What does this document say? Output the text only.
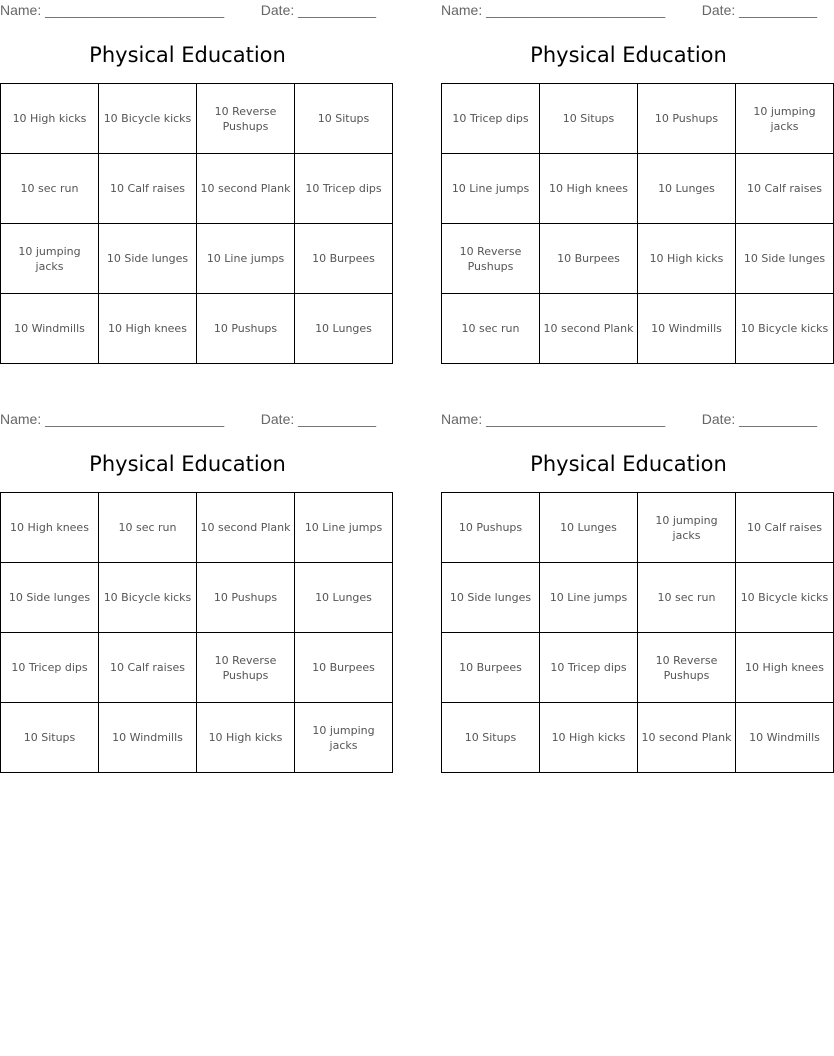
Name: _______________________	Date: __________
Physical Education
10 High kicks	10 Bicycle kicks	10 Reverse Pushups	10 Situps
10 sec run	10 Calf raises	10 second Plank	10 Tricep dips
10 jumping jacks	10 Side lunges	10 Line jumps	10 Burpees
10 Windmills	10 High knees	10 Pushups	10 Lunges
Name: _______________________	Date: __________
Physical Education
10 Tricep dips	10 Situps	10 Pushups	10 jumping jacks
10 Line jumps	10 High knees	10 Lunges	10 Calf raises
10 Reverse Pushups	10 Burpees	10 High kicks	10 Side lunges
10 sec run	10 second Plank	10 Windmills	10 Bicycle kicks
Name: _______________________	Date: __________
Physical Education
10 High knees	10 sec run	10 second Plank	10 Line jumps
10 Side lunges	10 Bicycle kicks	10 Pushups	10 Lunges
10 Tricep dips	10 Calf raises	10 Reverse Pushups	10 Burpees
10 Situps	10 Windmills	10 High kicks	10 jumping jacks
Name: _______________________	Date: __________
Physical Education
10 Pushups	10 Lunges	10 jumping jacks	10 Calf raises
10 Side lunges	10 Line jumps	10 sec run	10 Bicycle kicks
10 Burpees	10 Tricep dips	10 Reverse Pushups	10 High knees
10 Situps	10 High kicks	10 second Plank	10 Windmills
